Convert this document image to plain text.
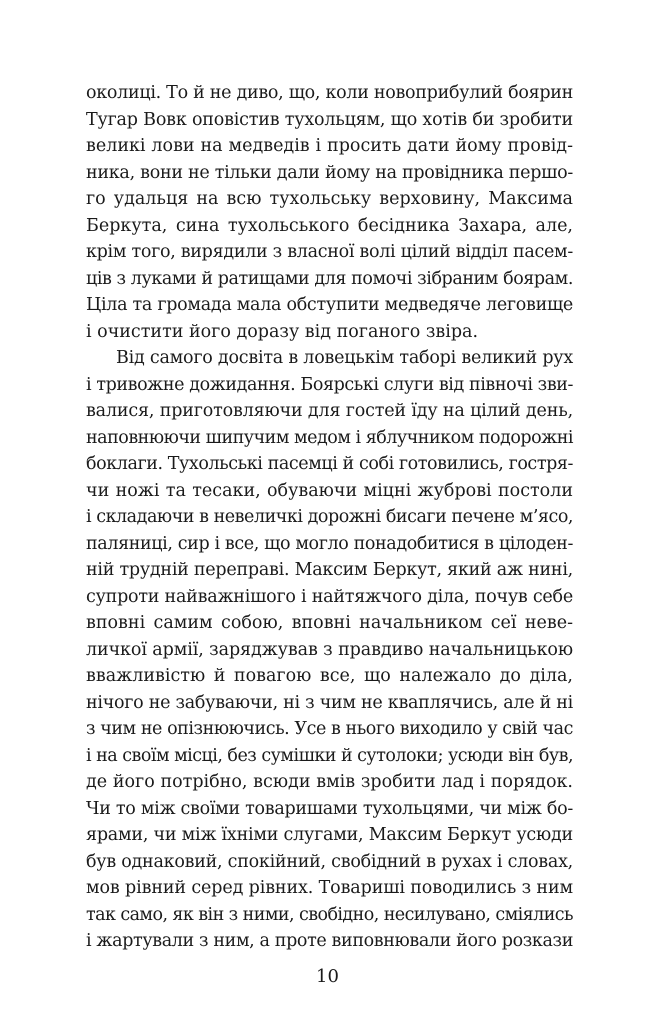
околиці. То й не диво, що, коли новоприбулий боярин
Тугар Вовк оповістив тухольцям, що хотів би зробити
великі лови на медведів і просить дати йому провід-
ника, вони не тільки дали йому на провідника першо-
го удальця на всю тухольську верховину, Максима
Беркута, сина тухольського бесідника Захара, але,
крім того, вирядили з власної волі цілий відділ пасем-
ців з луками й ратищами для помочі зібраним боярам.
Ціла та громада мала обступити медведяче леговище
і очистити його доразу від поганого звіра.

Від самого досвіта в ловецькім таборі великий рух
і тривожне дожидання. Боярські слуги від півночі зви-
валися, приготовляючи для гостей їду на цілий день,
наповнюючи шипучим медом і яблучником подорожні
боклаги. Тухольські пасемці й собі готовились, гостря-
чи ножі та тесаки, обуваючи міцні жуброві постоли
і складаючи в невеличкі дорожні бисаги печене м’ясо,
паляниці, сир і все, що могло понадобитися в цілоден-
ній трудній переправі. Максим Беркут, який аж нині,
супроти найважнішого і найтяжчого діла, почув себе
вповні самим собою, вповні начальником сеї неве-
личкої армії, заряджував з правдиво начальницькою
вважливістю й повагою все, що належало до діла,
нічого не забуваючи, ні з чим не кваплячись, але й ні
з чим не опізнюючись. Усе в нього виходило у свій час
і на своїм місці, без сумішки й сутолоки; усюди він був,
де його потрібно, всюди вмів зробити лад і порядок.
Чи то між своїми товаришами тухольцями, чи між бо-
ярами, чи між їхніми слугами, Максим Беркут усюди
був однаковий, спокійний, свобідний в рухах і словах,
мов рівний серед рівних. Товариші поводились з ним
так само, як він з ними, свобідно, несилувано, сміялись
і жартували з ним, а проте виповнювали його розкази

10
